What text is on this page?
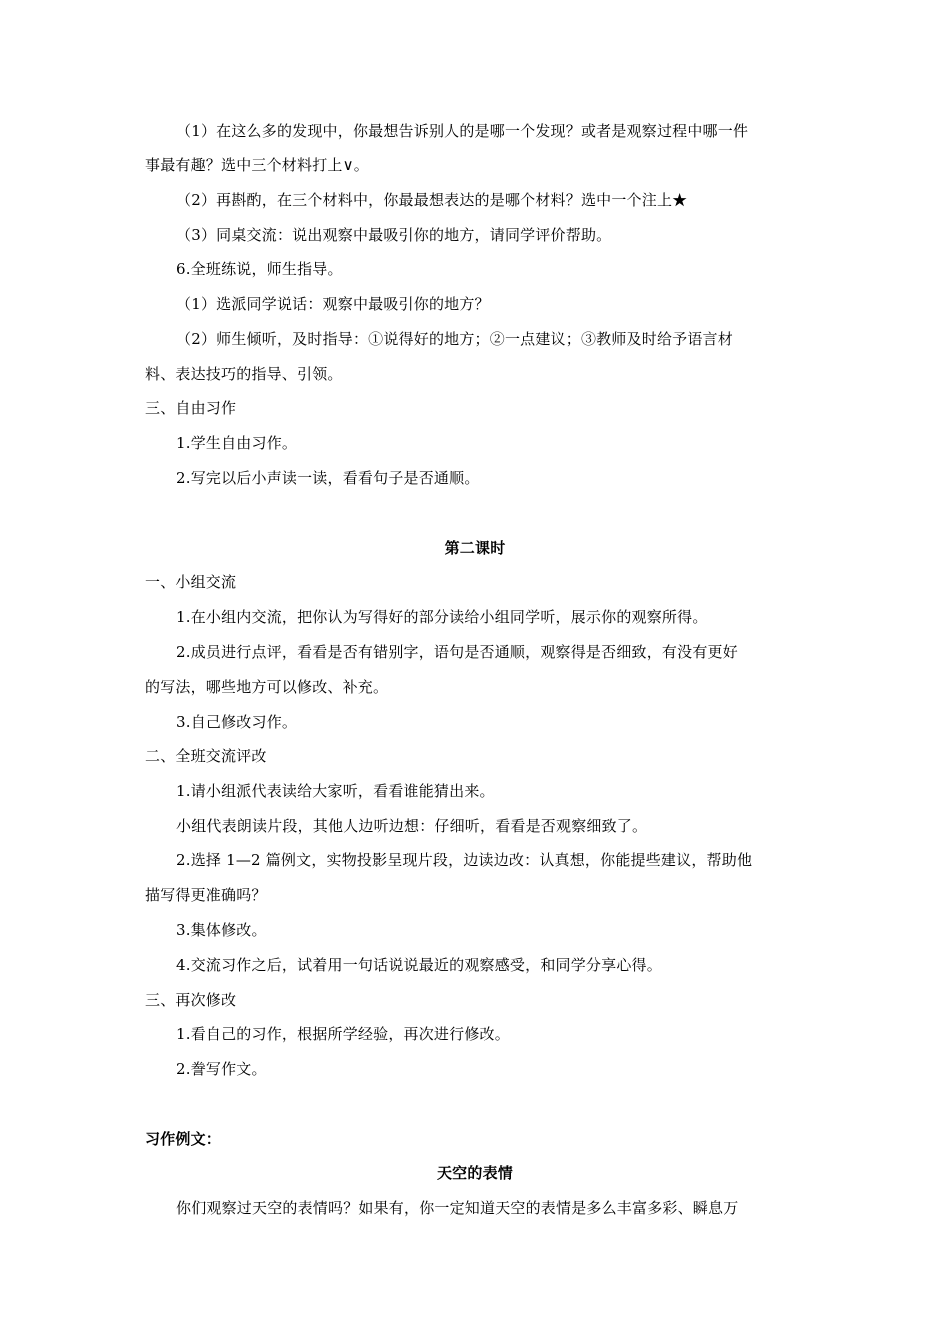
（1）在这么多的发现中，你最想告诉别人的是哪一个发现？或者是观察过程中哪一件
事最有趣？选中三个材料打上∨。
（2）再斟酌，在三个材料中，你最最想表达的是哪个材料？选中一个注上★
（3）同桌交流：说出观察中最吸引你的地方，请同学评价帮助。
6.全班练说，师生指导。
（1）选派同学说话：观察中最吸引你的地方？
（2）师生倾听，及时指导：①说得好的地方；②一点建议；③教师及时给予语言材
料、表达技巧的指导、引领。
三、自由习作
1.学生自由习作。
2.写完以后小声读一读，看看句子是否通顺。
第二课时
一、小组交流
1.在小组内交流，把你认为写得好的部分读给小组同学听，展示你的观察所得。
2.成员进行点评，看看是否有错别字，语句是否通顺，观察得是否细致，有没有更好
的写法，哪些地方可以修改、补充。
3.自己修改习作。
二、全班交流评改
1.请小组派代表读给大家听，看看谁能猜出来。
小组代表朗读片段，其他人边听边想：仔细听，看看是否观察细致了。
2.选择 1—2 篇例文，实物投影呈现片段，边读边改：认真想，你能提些建议，帮助他
描写得更准确吗？
3.集体修改。
4.交流习作之后，试着用一句话说说最近的观察感受，和同学分享心得。
三、再次修改
1.看自己的习作，根据所学经验，再次进行修改。
2.誊写作文。
习作例文：
天空的表情
你们观察过天空的表情吗？如果有，你一定知道天空的表情是多么丰富多彩、瞬息万
